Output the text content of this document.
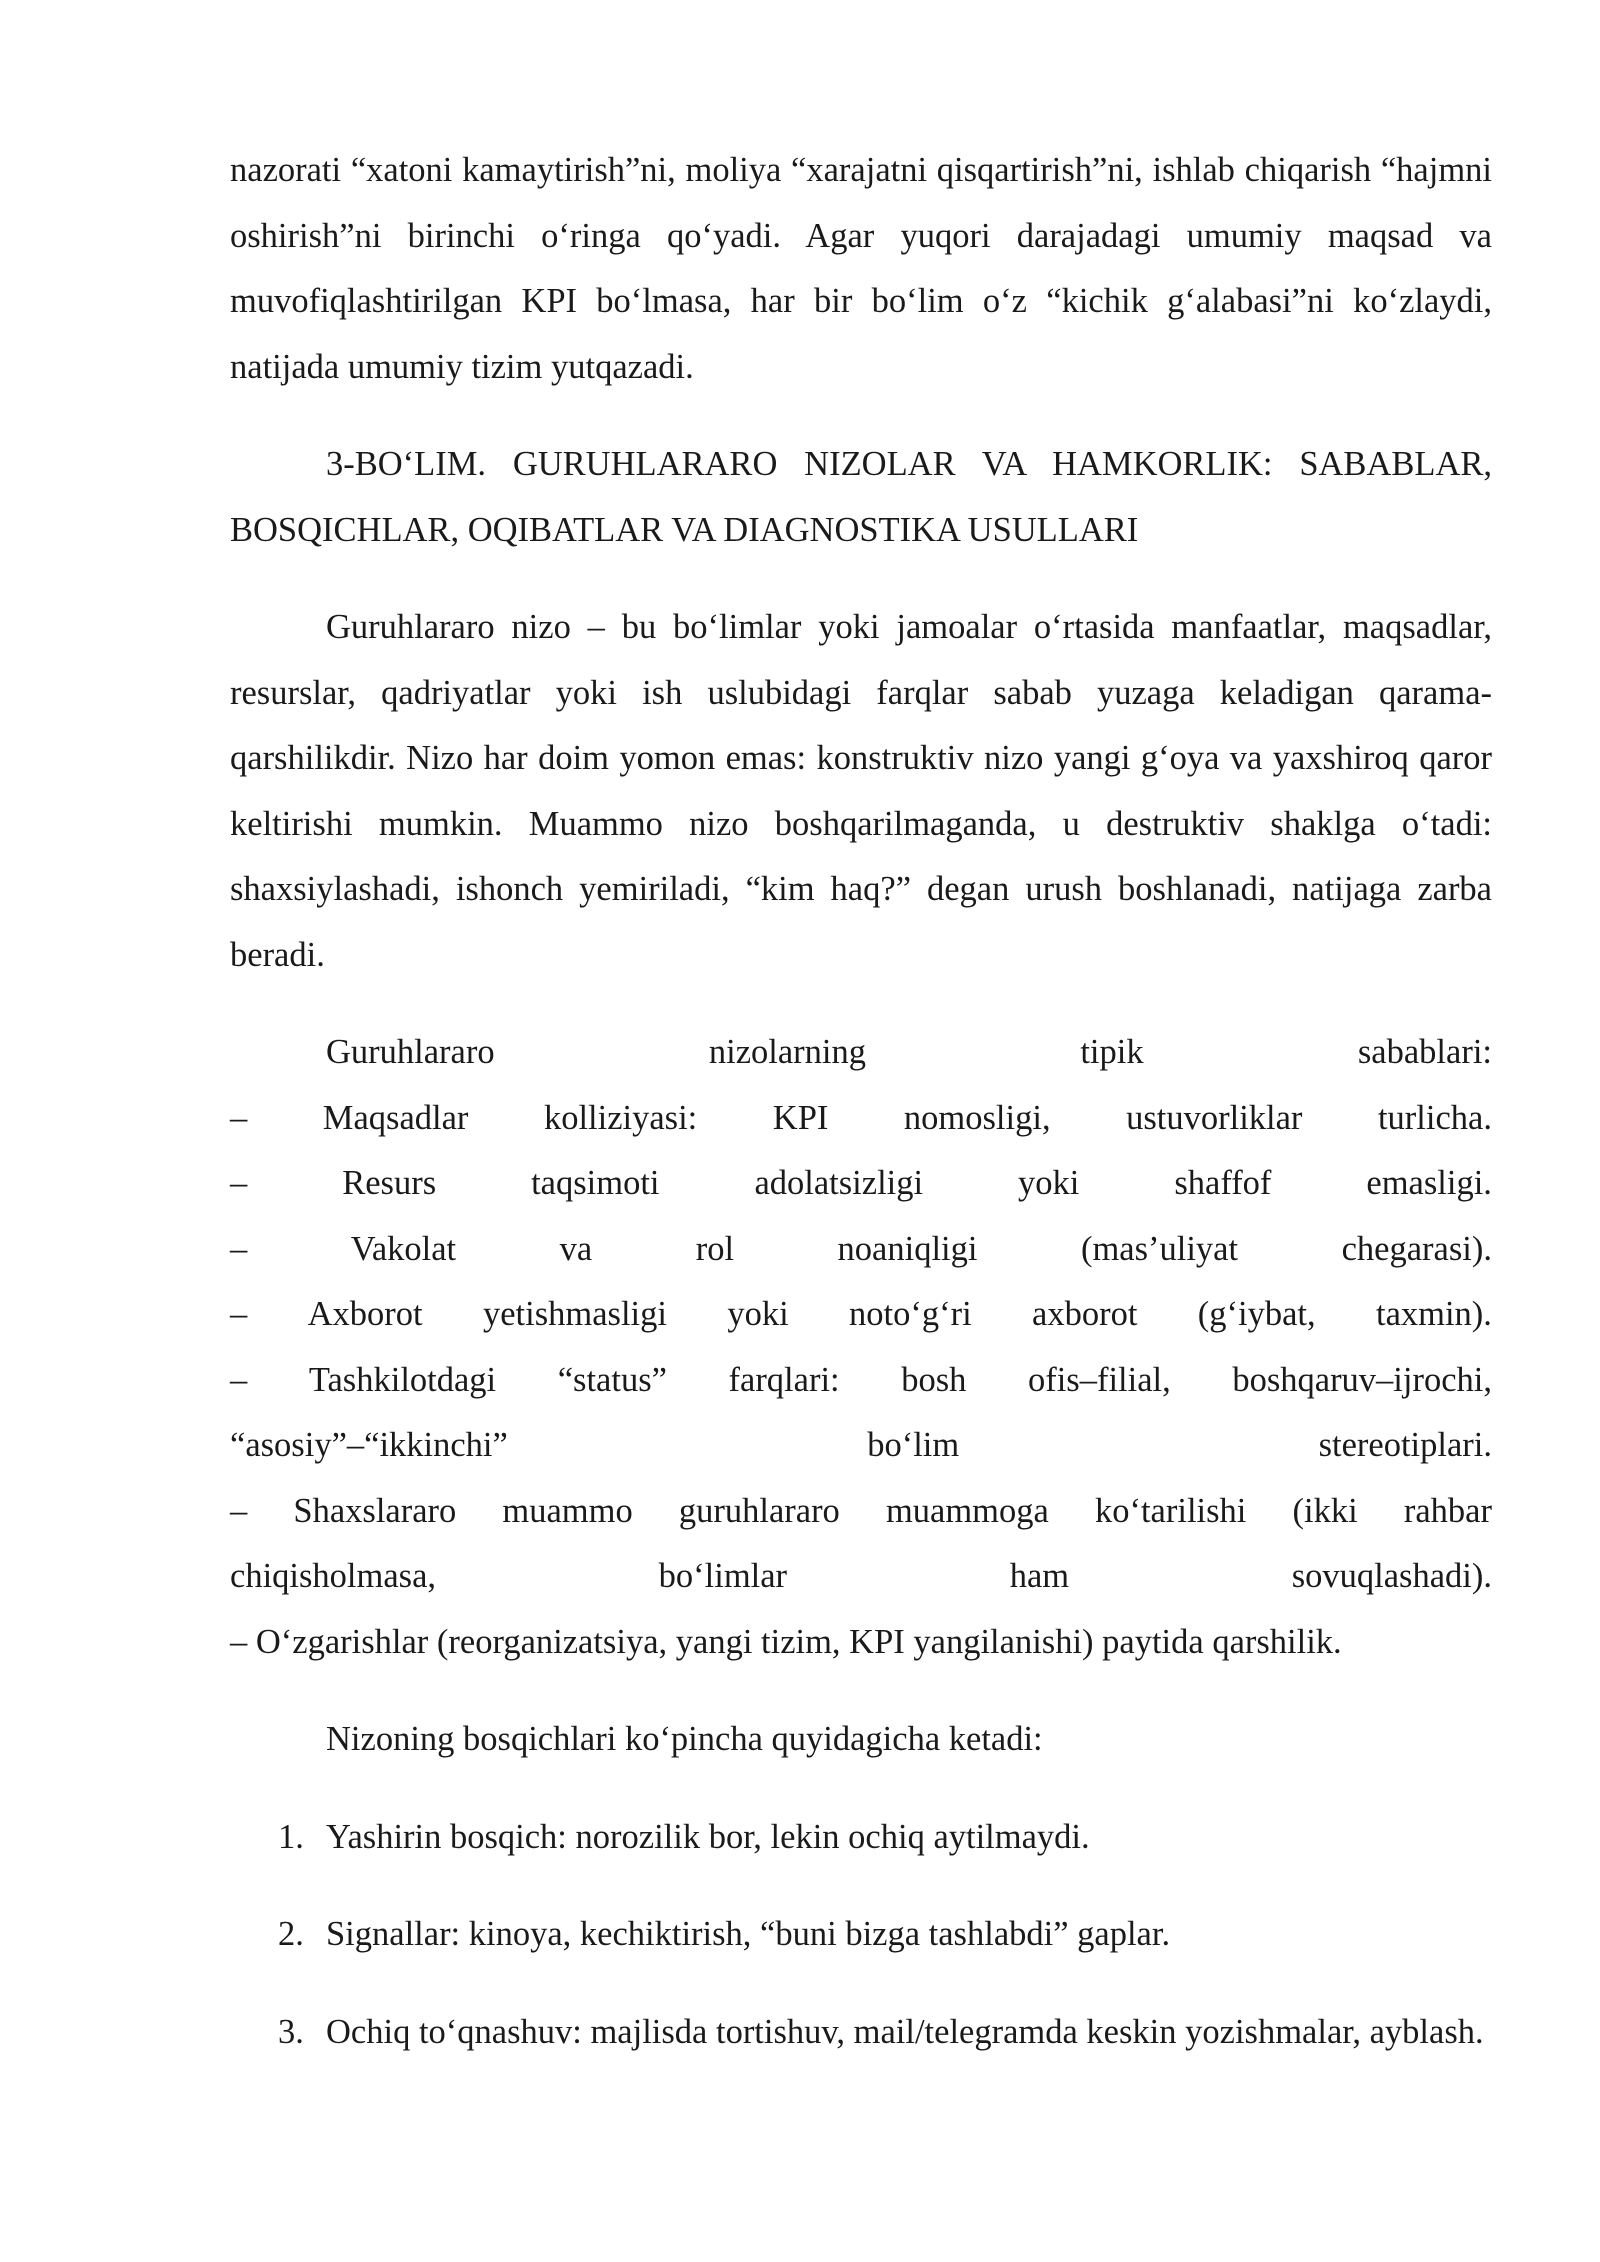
nazorati “xatoni kamaytirish”ni, moliya “xarajatni qisqartirish”ni, ishlab chiqarish “hajmni oshirish”ni birinchi oʻringa qoʻyadi. Agar yuqori darajadagi umumiy maqsad va muvofiqlashtirilgan KPI boʻlmasa, har bir boʻlim oʻz “kichik gʻalabasi”ni koʻzlaydi, natijada umumiy tizim yutqazadi.

3-BOʻLIM. GURUHLARARO NIZOLAR VA HAMKORLIK: SABABLAR, BOSQICHLAR, OQIBATLAR VA DIAGNOSTIKA USULLARI

Guruhlararo nizo – bu boʻlimlar yoki jamoalar oʻrtasida manfaatlar, maqsadlar, resurslar, qadriyatlar yoki ish uslubidagi farqlar sabab yuzaga keladigan qarama-qarshilikdir. Nizo har doim yomon emas: konstruktiv nizo yangi gʻoya va yaxshiroq qaror keltirishi mumkin. Muammo nizo boshqarilmaganda, u destruktiv shaklga oʻtadi: shaxsiylashadi, ishonch yemiriladi, “kim haq?” degan urush boshlanadi, natijaga zarba beradi.

Guruhlararo	nizolarning	tipik	sabablari:
– Maqsadlar kolliziyasi: KPI nomosligi, ustuvorliklar turlicha.
–	Resurs	taqsimoti	adolatsizligi	yoki	shaffof	emasligi.
–	Vakolat	va	rol	noaniqligi	(mas’uliyat	chegarasi).
– Axborot yetishmasligi yoki notoʻgʻri axborot (gʻiybat, taxmin).
– Tashkilotdagi “status” farqlari: bosh ofis–filial, boshqaruv–ijrochi,
“asosiy”–“ikkinchi”	boʻlim	stereotiplari.
– Shaxslararo muammo guruhlararo muammoga koʻtarilishi (ikki rahbar
chiqisholmasa,	boʻlimlar	ham	sovuqlashadi).
– Oʻzgarishlar (reorganizatsiya, yangi tizim, KPI yangilanishi) paytida qarshilik.

Nizoning bosqichlari koʻpincha quyidagicha ketadi:

1. Yashirin bosqich: norozilik bor, lekin ochiq aytilmaydi.
2. Signallar: kinoya, kechiktirish, “buni bizga tashlabdi” gaplar.
3. Ochiq toʻqnashuv: majlisda tortishuv, mail/telegramda keskin yozishmalar, ayblash.
